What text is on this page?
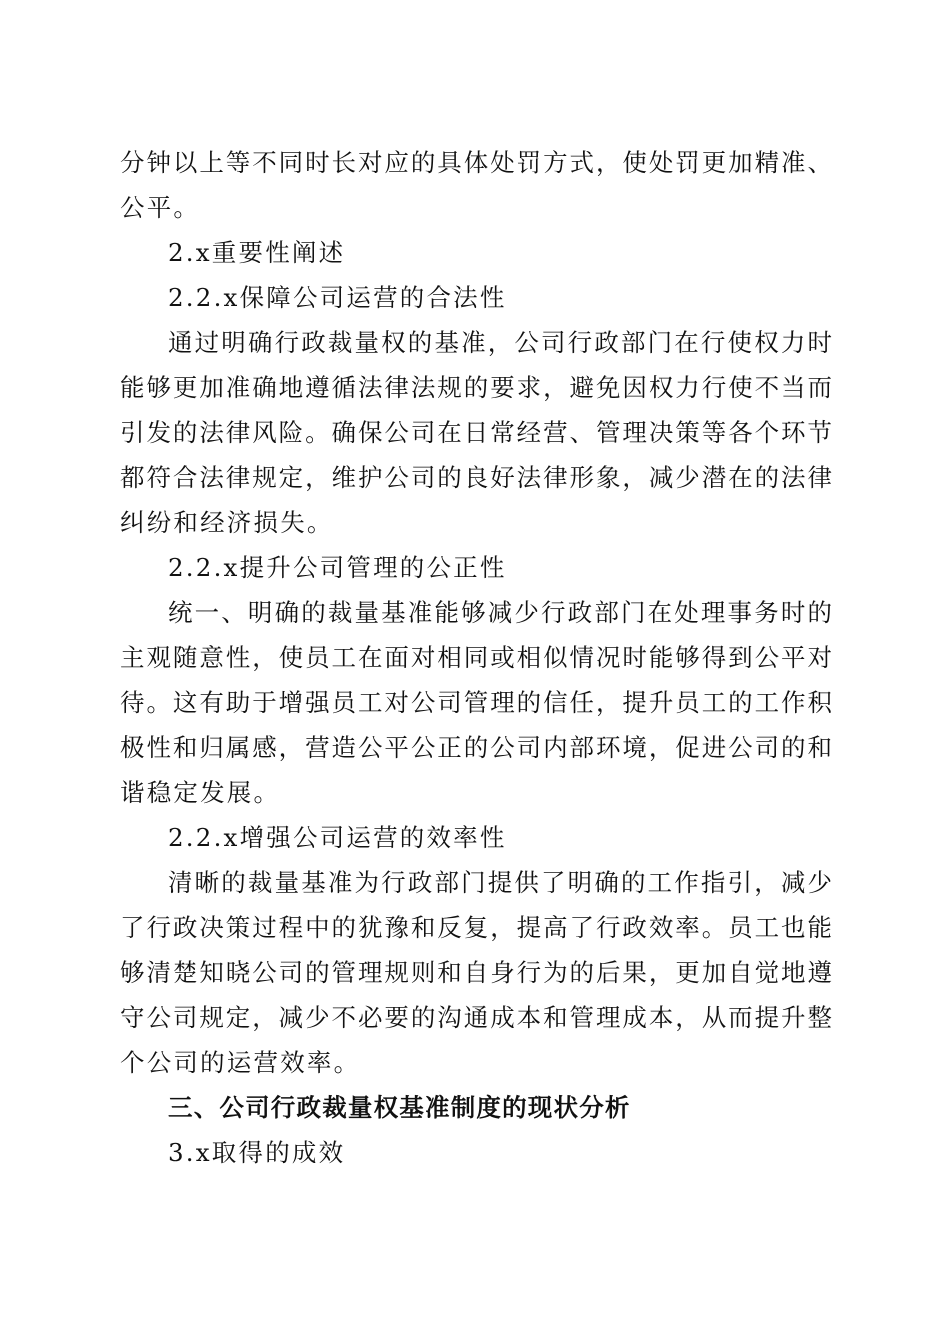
分钟以上等不同时长对应的具体处罚方式，使处罚更加精准、
公平。
2.x重要性阐述
2.2.x保障公司运营的合法性
通过明确行政裁量权的基准，公司行政部门在行使权力时
能够更加准确地遵循法律法规的要求，避免因权力行使不当而
引发的法律风险。确保公司在日常经营、管理决策等各个环节
都符合法律规定，维护公司的良好法律形象，减少潜在的法律
纠纷和经济损失。
2.2.x提升公司管理的公正性
统一、明确的裁量基准能够减少行政部门在处理事务时的
主观随意性，使员工在面对相同或相似情况时能够得到公平对
待。这有助于增强员工对公司管理的信任，提升员工的工作积
极性和归属感，营造公平公正的公司内部环境，促进公司的和
谐稳定发展。
2.2.x增强公司运营的效率性
清晰的裁量基准为行政部门提供了明确的工作指引，减少
了行政决策过程中的犹豫和反复，提高了行政效率。员工也能
够清楚知晓公司的管理规则和自身行为的后果，更加自觉地遵
守公司规定，减少不必要的沟通成本和管理成本，从而提升整
个公司的运营效率。
三、公司行政裁量权基准制度的现状分析
3.x取得的成效
